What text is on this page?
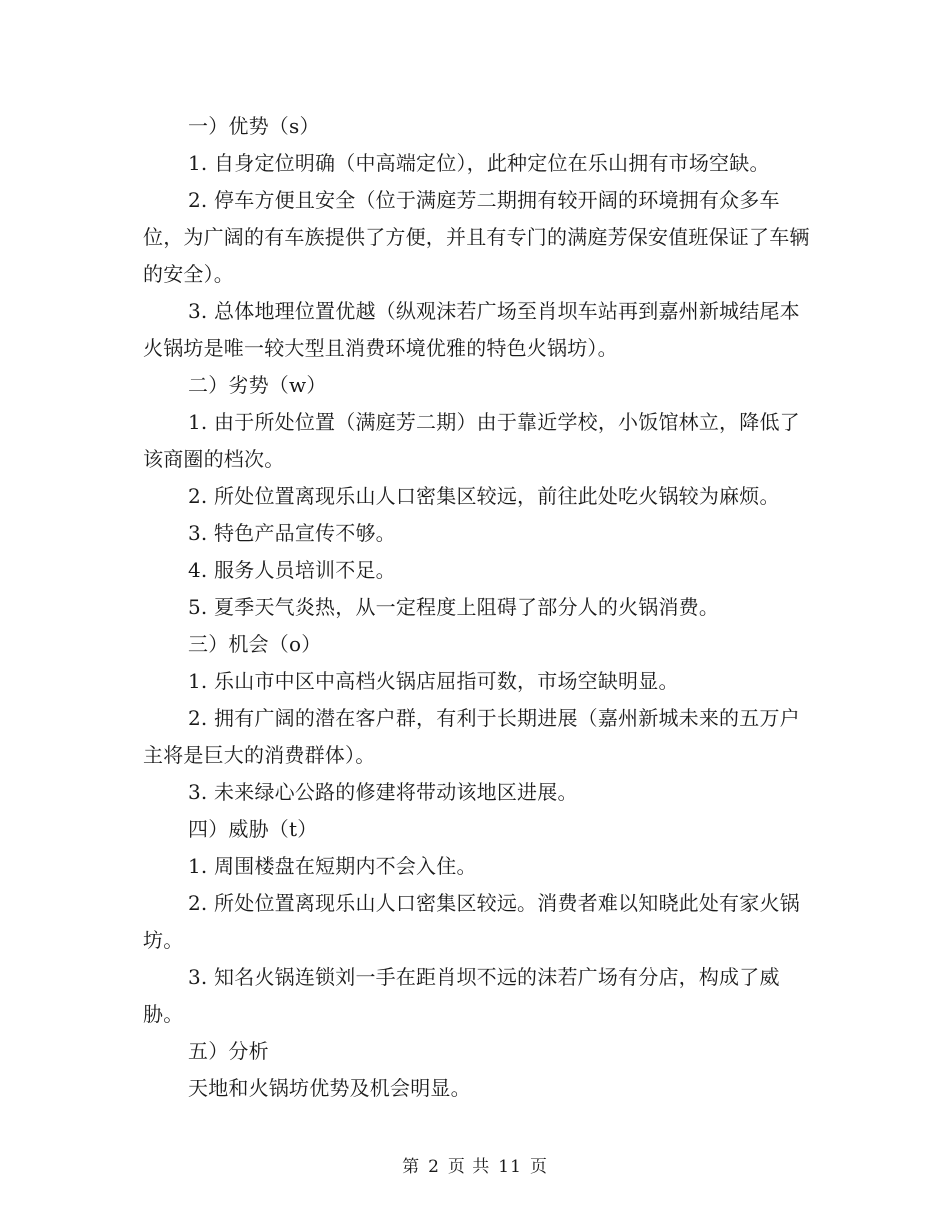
一）优势（s）

1. 自身定位明确（中高端定位），此种定位在乐山拥有市场空缺。

2. 停车方便且安全（位于满庭芳二期拥有较开阔的环境拥有众多车位，为广阔的有车族提供了方便，并且有专门的满庭芳保安值班保证了车辆的安全）。

3. 总体地理位置优越（纵观沫若广场至肖坝车站再到嘉州新城结尾本火锅坊是唯一较大型且消费环境优雅的特色火锅坊）。

二）劣势（w）

1. 由于所处位置（满庭芳二期）由于靠近学校，小饭馆林立，降低了该商圈的档次。

2. 所处位置离现乐山人口密集区较远，前往此处吃火锅较为麻烦。

3. 特色产品宣传不够。

4. 服务人员培训不足。

5. 夏季天气炎热，从一定程度上阻碍了部分人的火锅消费。

三）机会（o）

1. 乐山市中区中高档火锅店屈指可数，市场空缺明显。

2. 拥有广阔的潜在客户群，有利于长期进展（嘉州新城未来的五万户主将是巨大的消费群体）。

3. 未来绿心公路的修建将带动该地区进展。

四）威胁（t）

1. 周围楼盘在短期内不会入住。

2. 所处位置离现乐山人口密集区较远。消费者难以知晓此处有家火锅坊。

3. 知名火锅连锁刘一手在距肖坝不远的沫若广场有分店，构成了威胁。

五）分析

天地和火锅坊优势及机会明显。

第 2 页 共 11 页
